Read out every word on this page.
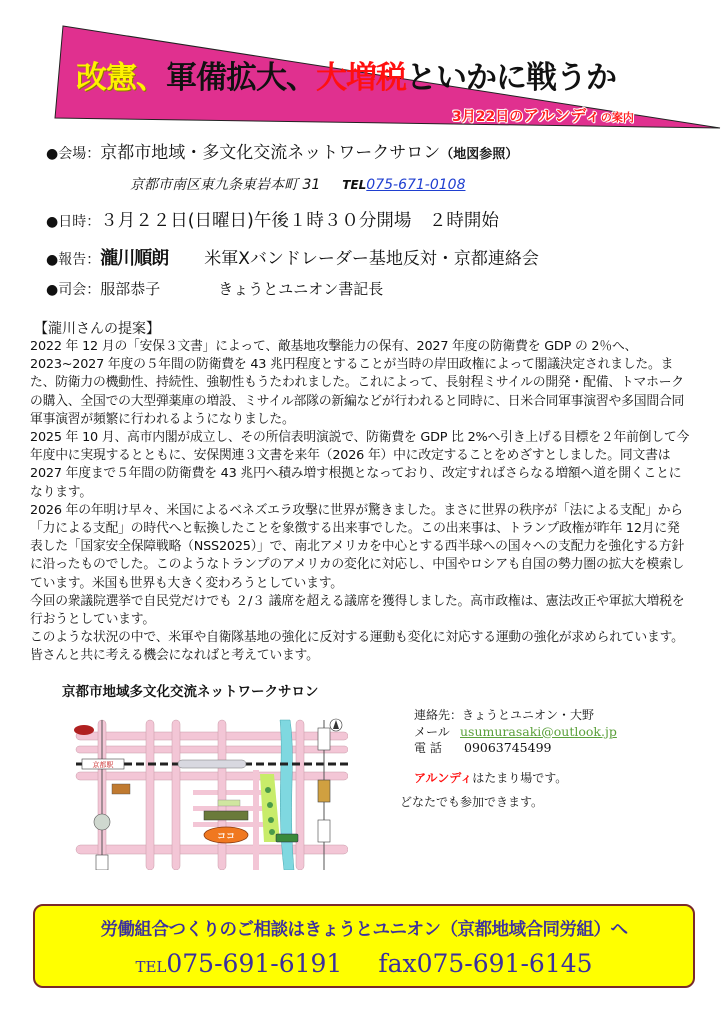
改憲、軍備拡大、大増税といかに戦うか
3月22日のアルンディの案内
●会場：京都市地域・多文化交流ネットワークサロン（地図参照）
京都市南区東九条東岩本町 31 TEL075-671-0108
●日時：３月２２日(日曜日)午後１時３０分開場　２時開始
●報告：瀧川順朗 米軍Xバンドレーダー基地反対・京都連絡会
●司会：服部恭子	きょうとユニオン書記長
【瀧川さんの提案】

2022 年 12 月の「安保３文書」によって、敵基地攻撃能力の保有、2027 年度の防衛費を GDP の 2％へ、2023~2027 年度の５年間の防衛費を 43 兆円程度とすることが当時の岸田政権によって閣議決定されました。また、防衛力の機動性、持続性、強靭性もうたわれました。これによって、長射程ミサイルの開発・配備、トマホークの購入、全国での大型弾薬庫の増設、ミサイル部隊の新編などが行われると同時に、日米合同軍事演習や多国間合同軍事演習が頻繁に行われるようになりました。

2025 年 10 月、高市内閣が成立し、その所信表明演説で、防衛費を GDP 比 2%へ引き上げる目標を２年前倒して今年度中に実現するとともに、安保関連３文書を来年（2026 年）中に改定することをめざすとしました。同文書は 2027 年度まで５年間の防衛費を 43 兆円へ積み増す根拠となっており、改定すればさらなる増額へ道を開くことになります。

2026 年の年明け早々、米国によるベネズエラ攻撃に世界が驚きました。まさに世界の秩序が「法による支配」から「力による支配」の時代へと転換したことを象徴する出来事でした。この出来事は、トランプ政権が昨年 12月に発表した「国家安全保障戦略（NSS2025）」で、南北アメリカを中心とする西半球への国々への支配力を強化する方針に沿ったものでした。このようなトランプのアメリカの変化に対応し、中国やロシアも自国の勢力圏の拡大を模索しています。米国も世界も大きく変わろうとしています。

今回の衆議院選挙で自民党だけでも ２/３ 議席を超える議席を獲得しました。高市政権は、憲法改正や軍拡大増税を行おうとしています。

このような状況の中で、米軍や自衛隊基地の強化に反対する運動も変化に対応する運動の強化が求められています。皆さんと共に考える機会になればと考えています。

京都市地域多文化交流ネットワークサロン
京都駅
ココ
連絡先：きょうとユニオン・大野
メール usumurasaki@outlook.jp
電 話 09063745499
アルンディはたまり場です。
どなたでも参加できます。
労働組合つくりのご相談はきょうとユニオン（京都地域合同労組）へ
TEL075-691-6191 fax075-691-6145
